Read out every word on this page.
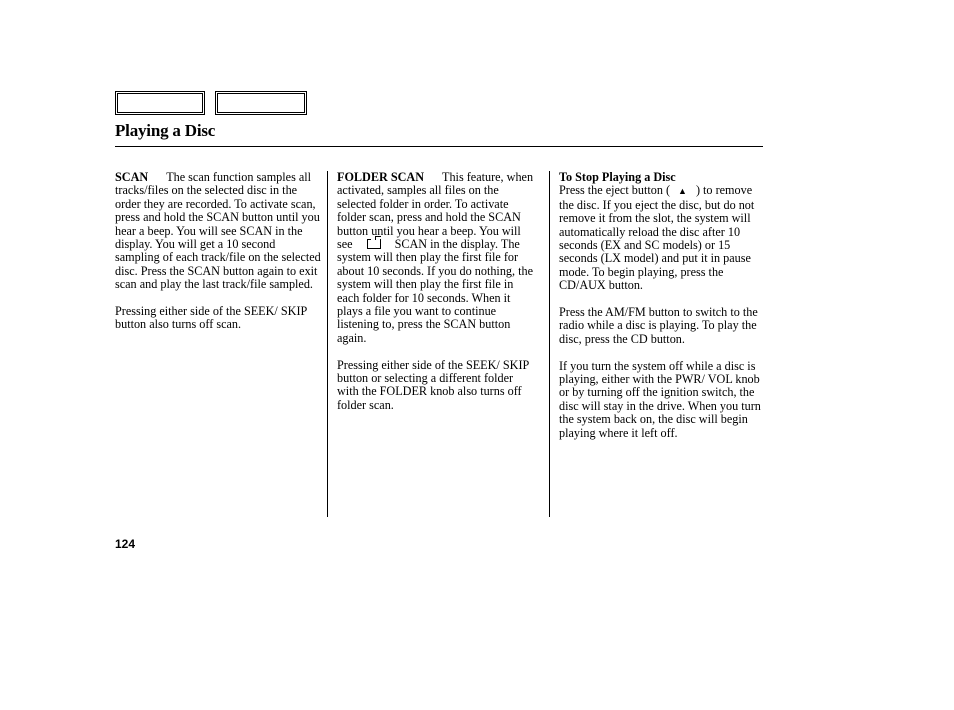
Playing a Disc

SCAN The scan function samples all tracks/files on the selected disc in the order they are recorded. To activate scan, press and hold the SCAN button until you hear a beep. You will see SCAN in the display. You will get a 10 second sampling of each track/file on the selected disc. Press the SCAN button again to exit scan and play the last track/file sampled.

Pressing either side of the SEEK/ SKIP button also turns off scan.

FOLDER SCAN This feature, when activated, samples all files on the selected folder in order. To activate folder scan, press and hold the SCAN button until you hear a beep. You will see	SCAN in the display. The system will then play the first file for about 10 seconds. If you do nothing, the system will then play the first file in each folder for 10 seconds. When it plays a file you want to continue listening to, press the SCAN button again.

Pressing either side of the SEEK/ SKIP button or selecting a different folder with the FOLDER knob also turns off folder scan.

To Stop Playing a Disc
Press the eject button ( ▲ ) to remove the disc. If you eject the disc, but do not remove it from the slot, the system will automatically reload the disc after 10 seconds (EX and SC models) or 15 seconds (LX model) and put it in pause mode. To begin playing, press the CD/AUX button.

Press the AM/FM button to switch to the radio while a disc is playing. To play the disc, press the CD button.

If you turn the system off while a disc is playing, either with the PWR/ VOL knob or by turning off the ignition switch, the disc will stay in the drive. When you turn the system back on, the disc will begin playing where it left off.

124
